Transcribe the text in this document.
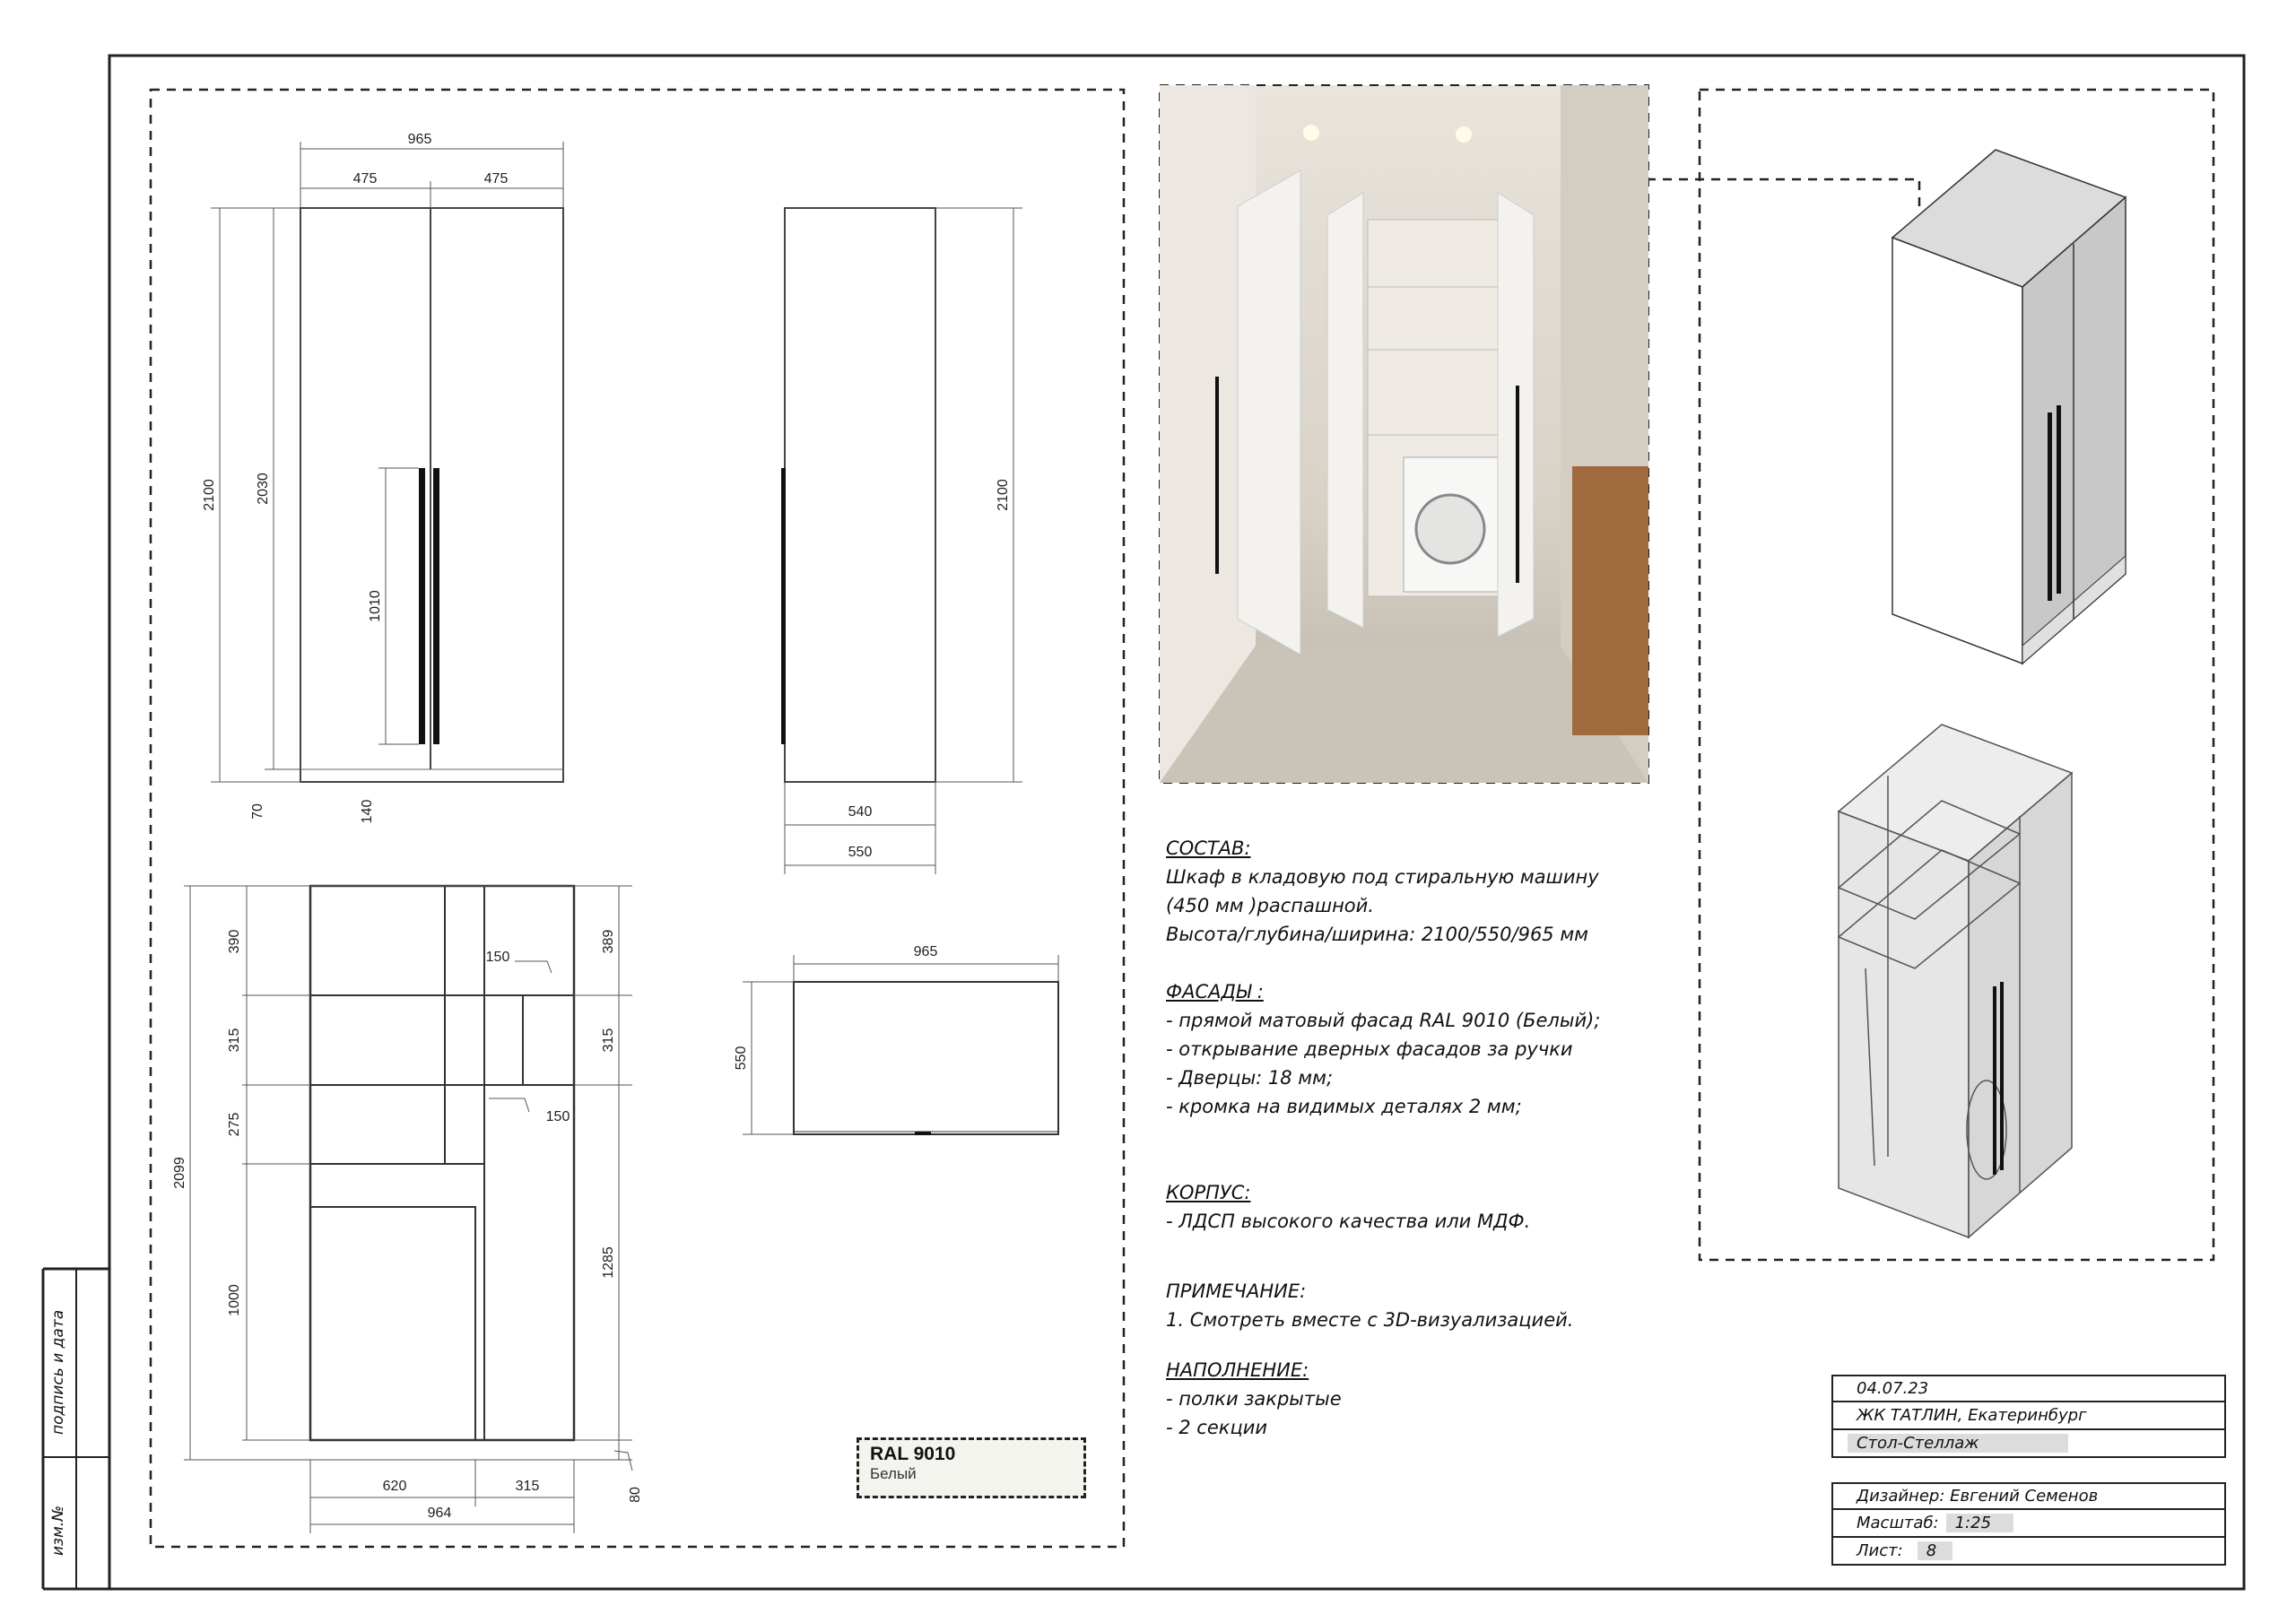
965
475	475
2100	2030
1010
70	140
2100
540
550
390
315
275
1000
2099
389
315
1285
150
150
620	315
964
80
965
550
подпись и дата
изм.№
RAL 9010
Белый
СОСТАВ:
Шкаф в кладовую под стиральную машину
(450 мм )распашной.
Высота/глубина/ширина: 2100/550/965 мм
ФАСАДЫ :
- прямой матовый фасад RAL 9010 (Белый);
- открывание дверных фасадов за ручки
- Дверцы: 18 мм;
- кромка на видимых деталях 2 мм;
КОРПУС:
- ЛДСП высокого качества или МДФ.
ПРИМЕЧАНИЕ:
1. Смотреть вместе с 3D-визуализацией.
НАПОЛНЕНИЕ:
- полки закрытые
- 2 секции
04.07.23
ЖК ТАТЛИН, Екатеринбург
Стол-Стеллаж
Дизайнер: Евгений Семенов
Масштаб:	1:25
Лист:	8
